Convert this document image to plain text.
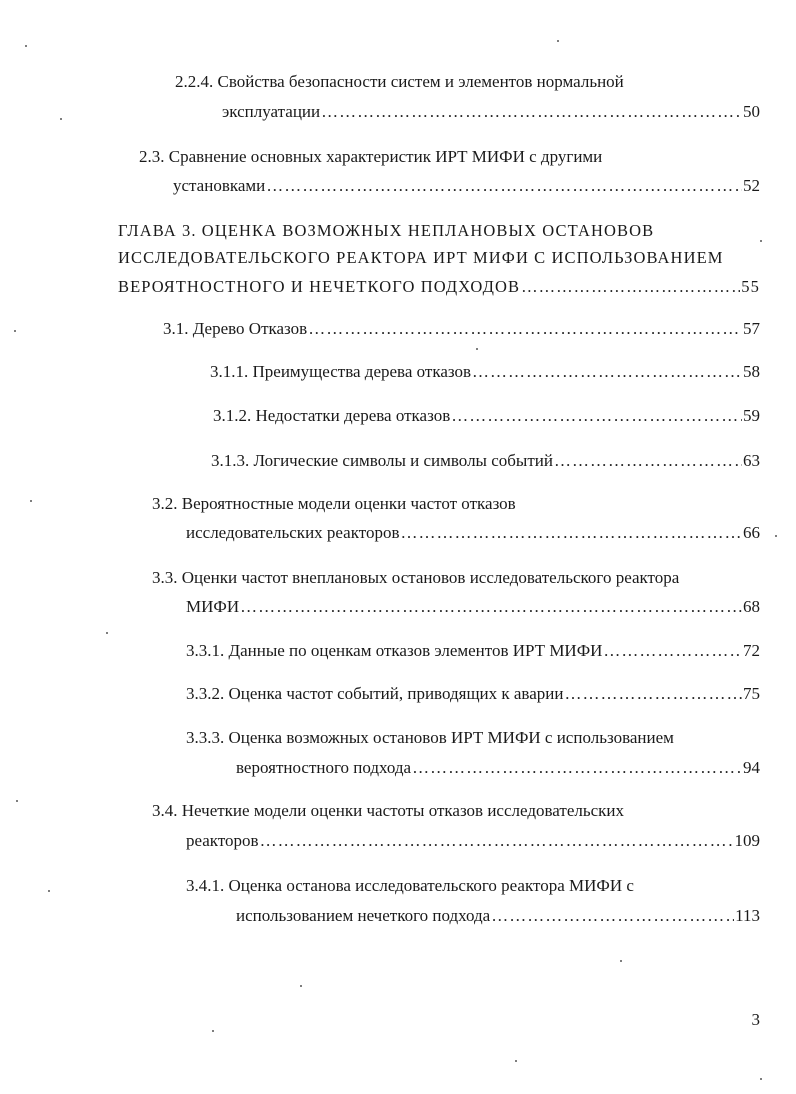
2.2.4. Свойства безопасности систем и элементов нормальной
эксплуатации ……………………………………………………………………………………………………………………………………………………………………………………	50
2.3. Сравнение основных характеристик ИРТ МИФИ с другими
установками ……………………………………………………………………………………………………………………………………………………………………………………	52
ГЛАВА 3. ОЦЕНКА ВОЗМОЖНЫХ НЕПЛАНОВЫХ ОСТАНОВОВ
ИССЛЕДОВАТЕЛЬСКОГО РЕАКТОРА ИРТ МИФИ С ИСПОЛЬЗОВАНИЕМ
ВЕРОЯТНОСТНОГО И НЕЧЕТКОГО ПОДХОДОВ ……………………………………………………………………………………………………………………………………………………………………………………	55
3.1. Дерево Отказов ……………………………………………………………………………………………………………………………………………………………………………………	57
3.1.1. Преимущества дерева отказов ……………………………………………………………………………………………………………………………………………………………………………………	58
3.1.2. Недостатки дерева отказов ……………………………………………………………………………………………………………………………………………………………………………………	59
3.1.3. Логические символы и символы событий ……………………………………………………………………………………………………………………………………………………………………………………	63
3.2. Вероятностные модели оценки частот отказов
исследовательских реакторов ……………………………………………………………………………………………………………………………………………………………………………………	66
3.3. Оценки частот внеплановых остановов исследовательского реактора
МИФИ ……………………………………………………………………………………………………………………………………………………………………………………	68
3.3.1. Данные по оценкам отказов элементов ИРТ МИФИ ……………………………………………………………………………………………………………………………………………………………………………………	72
3.3.2. Оценка частот событий, приводящих к аварии ……………………………………………………………………………………………………………………………………………………………………………………	75
3.3.3. Оценка возможных остановов ИРТ МИФИ с использованием
вероятностного подхода ……………………………………………………………………………………………………………………………………………………………………………………	94
3.4. Нечеткие модели оценки частоты отказов исследовательских
реакторов ……………………………………………………………………………………………………………………………………………………………………………………	109
3.4.1. Оценка останова исследовательского реактора МИФИ с
использованием нечеткого подхода ……………………………………………………………………………………………………………………………………………………………………………………	113
3
